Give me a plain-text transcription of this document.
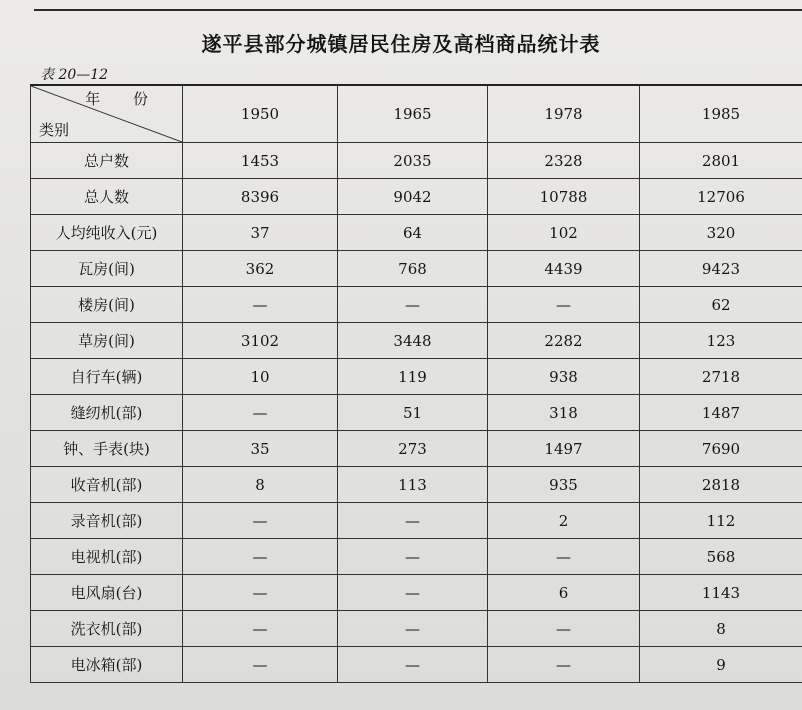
遂平县部分城镇居民住房及高档商品统计表
表 20—12
年 份
类别	1950	1965	1978	1985
总户数	1453	2035	2328	2801
总人数	8396	9042	10788	12706
人均纯收入(元)	37	64	102	320
瓦房(间)	362	768	4439	9423
楼房(间)	—	—	—	62
草房(间)	3102	3448	2282	123
自行车(辆)	10	119	938	2718
缝纫机(部)	—	51	318	1487
钟、手表(块)	35	273	1497	7690
收音机(部)	8	113	935	2818
录音机(部)	—	—	2	112
电视机(部)	—	—	—	568
电风扇(台)	—	—	6	1143
洗衣机(部)	—	—	—	8
电冰箱(部)	—	—	—	9
